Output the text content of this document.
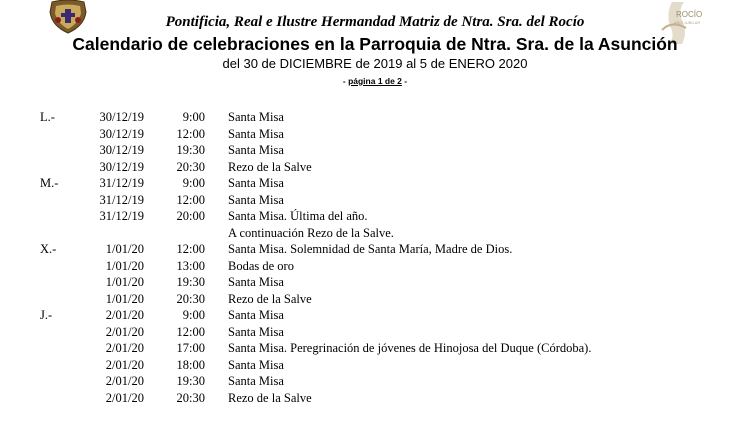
ROCÍO
AÑO JUBILAR
Pontificia, Real e Ilustre Hermandad Matriz de Ntra. Sra. del Rocío
Calendario de celebraciones en la Parroquia de Ntra. Sra. de la Asunción
del 30 de DICIEMBRE de 2019 al 5 de ENERO 2020
- página 1 de 2 -
L.-	30/12/19	9:00 Santa Misa
30/12/19	12:00 Santa Misa
30/12/19	19:30 Santa Misa
30/12/19	20:30 Rezo de la Salve
M.-	31/12/19	9:00 Santa Misa
31/12/19	12:00 Santa Misa
31/12/19	20:00 Santa Misa. Última del año.
A continuación Rezo de la Salve.
X.-	1/01/20	12:00 Santa Misa. Solemnidad de Santa María, Madre de Dios.
1/01/20	13:00 Bodas de oro
1/01/20	19:30 Santa Misa
1/01/20	20:30 Rezo de la Salve
J.-	2/01/20	9:00 Santa Misa
2/01/20	12:00 Santa Misa
2/01/20	17:00 Santa Misa. Peregrinación de jóvenes de Hinojosa del Duque (Córdoba).
2/01/20	18:00 Santa Misa
2/01/20	19:30 Santa Misa
2/01/20	20:30 Rezo de la Salve
